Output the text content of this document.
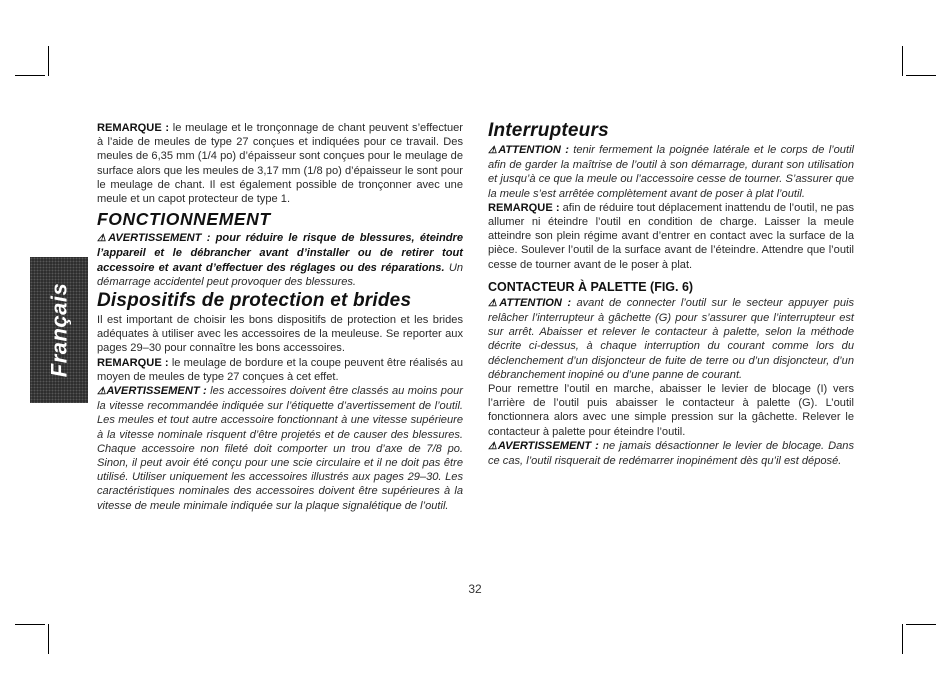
Français

REMARQUE : le meulage et le tronçonnage de chant peuvent s’effectuer à l’aide de meules de type 27 conçues et indiquées pour ce travail. Des meules de 6,35 mm (1/4 po) d’épaisseur sont conçues pour le meulage de surface alors que les meules de 3,17 mm (1/8 po) d’épaisseur le sont pour le meulage de chant. Il est également possible de tronçonner avec une meule et un capot protecteur de type 1.

FONCTIONNEMENT

⚠AVERTISSEMENT : pour réduire le risque de blessures, éteindre l’appareil et le débrancher avant d’installer ou de retirer tout accessoire et avant d’effectuer des réglages ou des réparations. Un démarrage accidentel peut provoquer des blessures.

Dispositifs de protection et brides

Il est important de choisir les bons dispositifs de protection et les brides adéquates à utiliser avec les accessoires de la meuleuse. Se reporter aux pages 29–30 pour connaître les bons accessoires.

REMARQUE : le meulage de bordure et la coupe peuvent être réalisés au moyen de meules de type 27 conçues à cet effet.

⚠AVERTISSEMENT : les accessoires doivent être classés au moins pour la vitesse recommandée indiquée sur l’étiquette d’avertissement de l’outil. Les meules et tout autre accessoire fonctionnant à une vitesse supérieure à la vitesse nominale risquent d’être projetés et de causer des blessures. Chaque accessoire non fileté doit comporter un trou d’axe de 7/8 po. Sinon, il peut avoir été conçu pour une scie circulaire et il ne doit pas être utilisé. Utiliser uniquement les accessoires illustrés aux pages 29–30. Les caractéristiques nominales des accessoires doivent être supérieures à la vitesse de meule minimale indiquée sur la plaque signalétique de l’outil.

Interrupteurs

⚠ATTENTION : tenir fermement la poignée latérale et le corps de l’outil afin de garder la maîtrise de l’outil à son démarrage, durant son utilisation et jusqu’à ce que la meule ou l’accessoire cesse de tourner. S’assurer que la meule s’est arrêtée complètement avant de poser à plat l’outil.

REMARQUE : afin de réduire tout déplacement inattendu de l’outil, ne pas allumer ni éteindre l’outil en condition de charge. Laisser la meule atteindre son plein régime avant d’entrer en contact avec la surface de la pièce. Soulever l’outil de la surface avant de l’éteindre. Attendre que l’outil cesse de tourner avant de le poser à plat.

CONTACTEUR À PALETTE (FIG. 6)

⚠ATTENTION : avant de connecter l’outil sur le secteur appuyer puis relâcher l’interrupteur à gâchette (G) pour s’assurer que l’interrupteur est sur arrêt. Abaisser et relever le contacteur à palette, selon la méthode décrite ci-dessus, à chaque interruption du courant comme lors du déclenchement d’un disjoncteur de fuite de terre ou d’un disjoncteur, d’un débranchement inopiné ou d’une panne de courant.

Pour remettre l’outil en marche, abaisser le levier de blocage (I) vers l’arrière de l’outil puis abaisser le contacteur à palette (G). L’outil fonctionnera alors avec une simple pression sur la gâchette. Relever le contacteur à palette pour éteindre l’outil.

⚠AVERTISSEMENT : ne jamais désactionner le levier de blocage. Dans ce cas, l’outil risquerait de redémarrer inopinément dès qu’il est déposé.

32
